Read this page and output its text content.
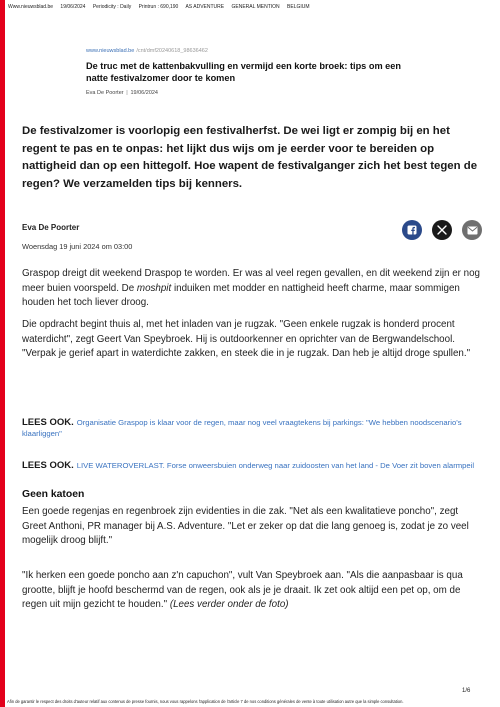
Www.nieuwsblad.be 19/06/2024 Periodicity : Daily Printrun : 690,190 AS ADVENTURE GENERAL MENTION BELGIUM
www.nieuwsblad.be /cnt/dmf20240618_98636462
De truc met de kattenbakvulling en vermijd een korte broek: tips om een natte festivalzomer door te komen
Eva De Poorter || 19/06/2024
De festivalzomer is voorlopig een festivalherfst. De wei ligt er zompig bij en het regent te pas en te onpas: het lijkt dus wijs om je eerder voor te bereiden op nattigheid dan op een hittegolf. Hoe wapent de festivalganger zich het best tegen de regen? We verzamelden tips bij kenners.
Eva De Poorter
Woensdag 19 juni 2024 om 03:00
Graspop dreigt dit weekend Draspop te worden. Er was al veel regen gevallen, en dit weekend zijn er nog meer buien voorspeld. De moshpit induiken met modder en nattigheid heeft charme, maar sommigen houden het toch liever droog.
Die opdracht begint thuis al, met het inladen van je rugzak. "Geen enkele rugzak is honderd procent waterdicht", zegt Geert Van Speybroek. Hij is outdoorkenner en oprichter van de Bergwandelschool. "Verpak je gerief apart in waterdichte zakken, en steek die in je rugzak. Dan heb je altijd droge spullen."
LEES OOK. Organisatie Graspop is klaar voor de regen, maar nog veel vraagtekens bij parkings: "We hebben noodscenario's klaarliggen"
LEES OOK. LIVE WATEROVERLAST. Forse onweersbuien onderweg naar zuidoosten van het land - De Voer zit boven alarmpeil
Geen katoen
Een goede regenjas en regenbroek zijn evidenties in die zak. "Net als een kwalitatieve poncho", zegt Greet Anthoni, PR manager bij A.S. Adventure. "Let er zeker op dat die lang genoeg is, zodat je zo veel mogelijk droog blijft."
"Ik herken een goede poncho aan z'n capuchon", vult Van Speybroek aan. "Als die aanpasbaar is qua grootte, blijft je hoofd beschermd van de regen, ook als je je draait. Ik zet ook altijd een pet op, om de regen uit mijn gezicht te houden." (Lees verder onder de foto)
1/6
Afin de garantir le respect des droits d'auteur relatif aux contenus de presse fournis, nous vous rappelons l'application de l'article 7 de nos conditions générales de vente à toute utilisation autre que la simple consultation.
